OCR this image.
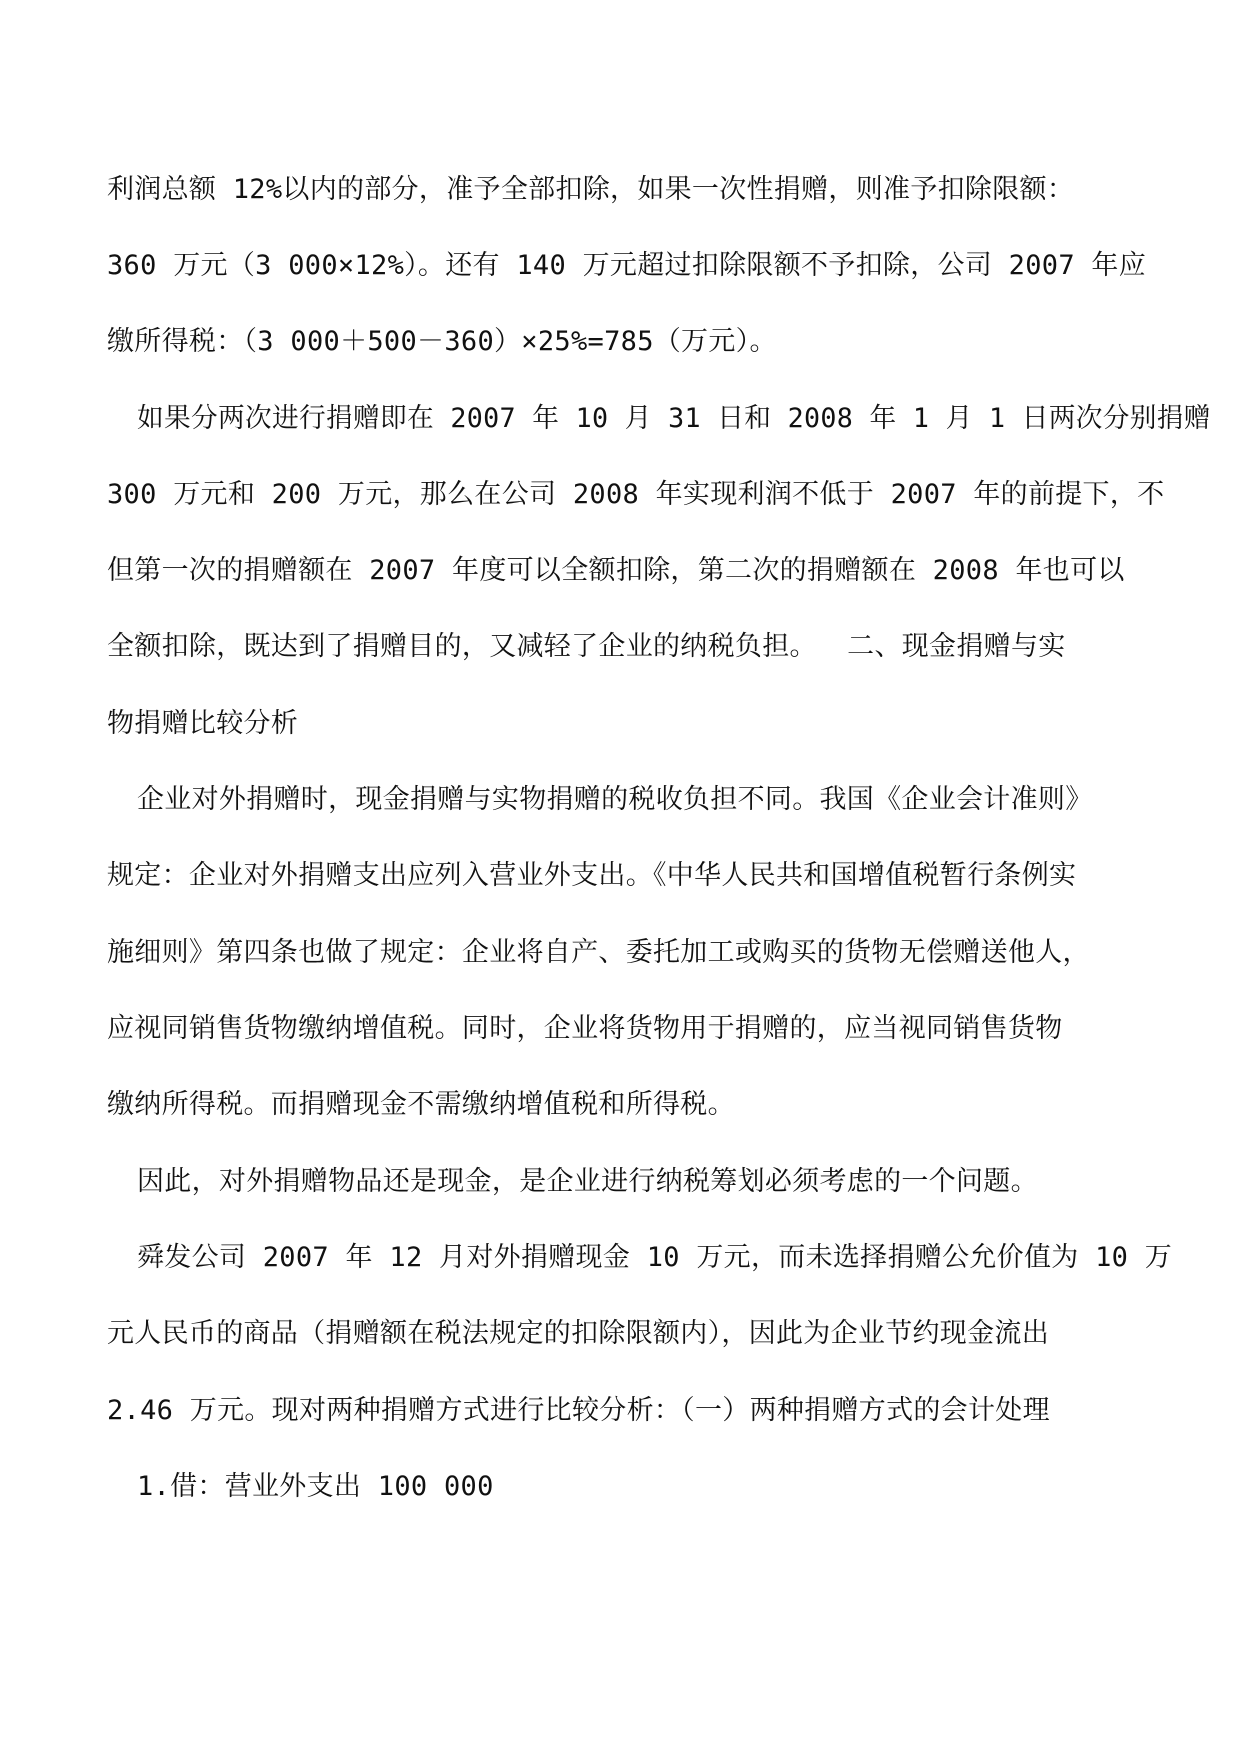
利润总额 12%以内的部分，准予全部扣除，如果一次性捐赠，则准予扣除限额：
360 万元（3 000×12%）。还有 140 万元超过扣除限额不予扣除，公司 2007 年应
缴所得税：（3 000＋500－360）×25%=785（万元）。
如果分两次进行捐赠即在 2007 年 10 月 31 日和 2008 年 1 月 1 日两次分别捐赠
300 万元和 200 万元，那么在公司 2008 年实现利润不低于 2007 年的前提下，不
但第一次的捐赠额在 2007 年度可以全额扣除，第二次的捐赠额在 2008 年也可以
全额扣除，既达到了捐赠目的，又减轻了企业的纳税负担。　 二、现金捐赠与实
物捐赠比较分析
企业对外捐赠时，现金捐赠与实物捐赠的税收负担不同。我国《企业会计准则》
规定：企业对外捐赠支出应列入营业外支出。《中华人民共和国增值税暂行条例实
施细则》第四条也做了规定：企业将自产、委托加工或购买的货物无偿赠送他人，
应视同销售货物缴纳增值税。同时，企业将货物用于捐赠的，应当视同销售货物
缴纳所得税。而捐赠现金不需缴纳增值税和所得税。
因此，对外捐赠物品还是现金，是企业进行纳税筹划必须考虑的一个问题。
舜发公司 2007 年 12 月对外捐赠现金 10 万元，而未选择捐赠公允价值为 10 万
元人民币的商品（捐赠额在税法规定的扣除限额内），因此为企业节约现金流出
2.46 万元。现对两种捐赠方式进行比较分析：（一）两种捐赠方式的会计处理
1.借：营业外支出 100 000
